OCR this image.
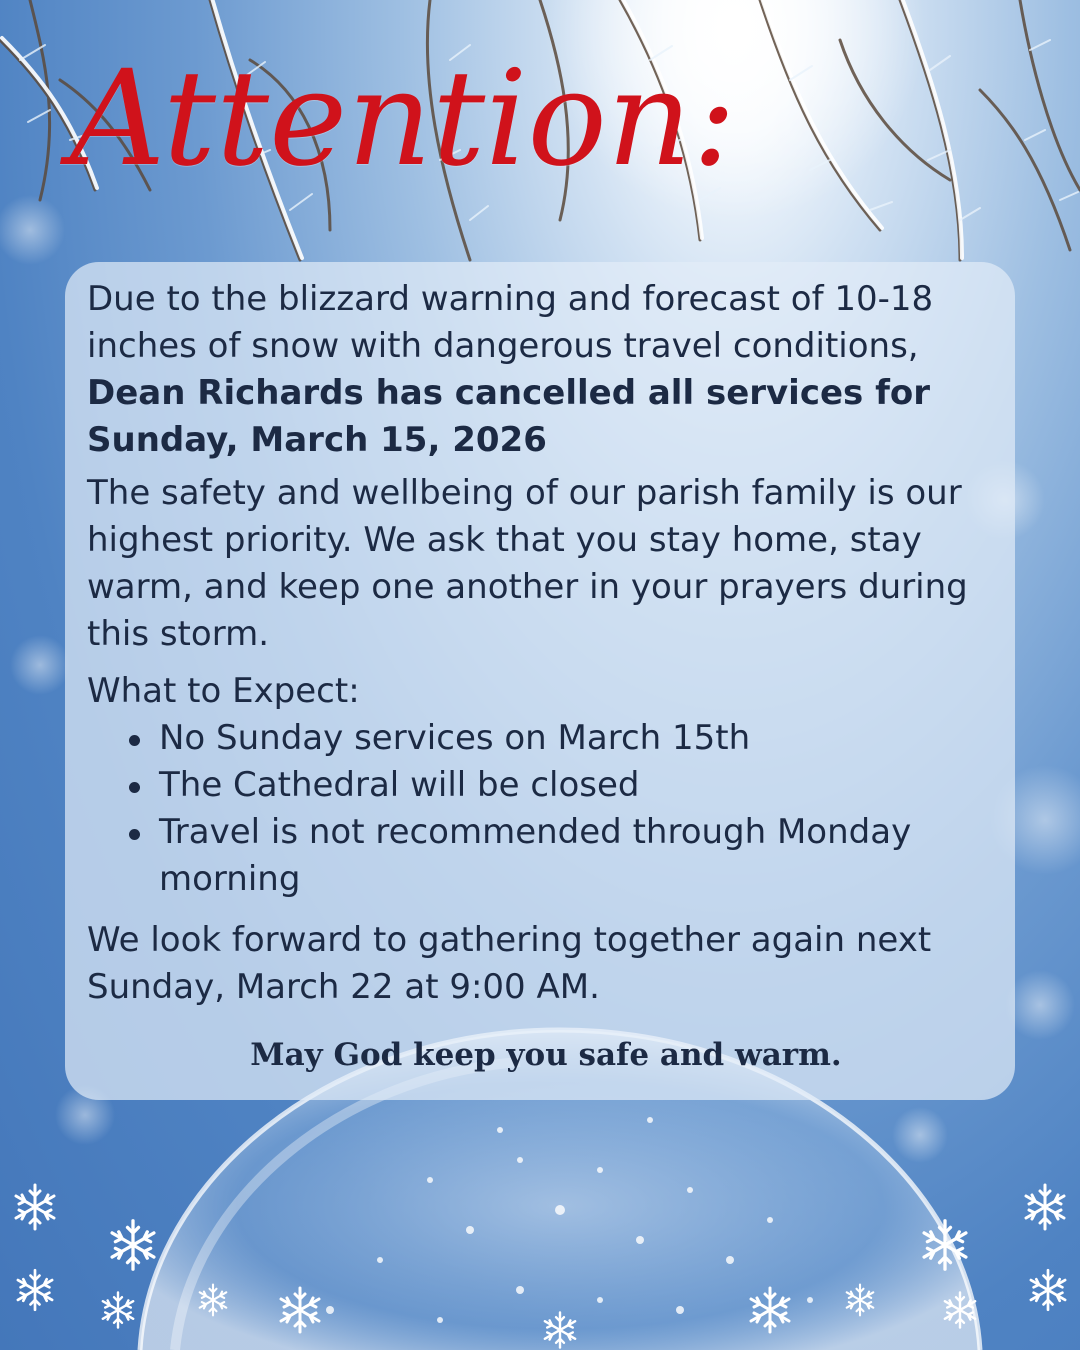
Attention:

Due to the blizzard warning and forecast of 10-18 inches of snow with dangerous travel conditions, Dean Richards has cancelled all services for Sunday, March 15, 2026

The safety and wellbeing of our parish family is our highest priority. We ask that you stay home, stay warm, and keep one another in your prayers during this storm.

What to Expect:

No Sunday services on March 15th
The Cathedral will be closed
Travel is not recommended through Monday morning

We look forward to gathering together again next Sunday, March 22 at 9:00 AM.

May God keep you safe and warm.
